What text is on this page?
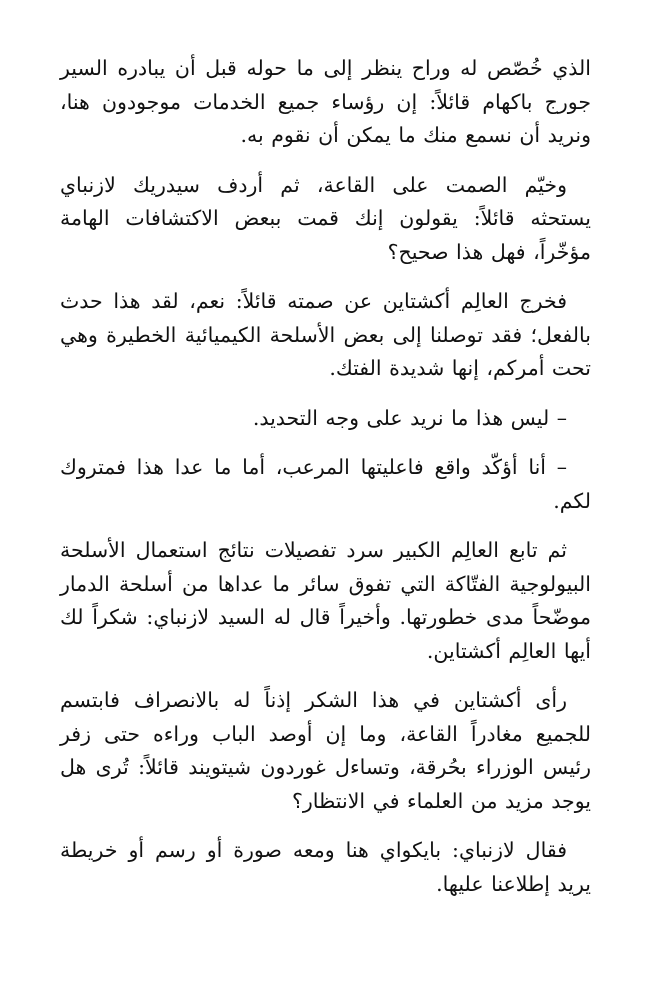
الذي خُصّص له وراح ينظر إلى ما حوله قبل أن يبادره السير جورج باكهام قائلاً: إن رؤساء جميع الخدمات موجودون هنا، ونريد أن نسمع منك ما يمكن أن نقوم به.

وخيّم الصمت على القاعة، ثم أردف سيدريك لازنباي يستحثه قائلاً: يقولون إنك قمت ببعض الاكتشافات الهامة مؤخّراً، فهل هذا صحيح؟

فخرج العالِم أكشتاين عن صمته قائلاً: نعم، لقد هذا حدث بالفعل؛ فقد توصلنا إلى بعض الأسلحة الكيميائية الخطيرة وهي تحت أمركم، إنها شديدة الفتك.

– ليس هذا ما نريد على وجه التحديد.

– أنا أؤكّد واقع فاعليتها المرعب، أما ما عدا هذا فمتروك لكم.

ثم تابع العالِم الكبير سرد تفصيلات نتائج استعمال الأسلحة البيولوجية الفتّاكة التي تفوق سائر ما عداها من أسلحة الدمار موضّحاً مدى خطورتها. وأخيراً قال له السيد لازنباي: شكراً لك أيها العالِم أكشتاين.

رأى أكشتاين في هذا الشكر إذناً له بالانصراف فابتسم للجميع مغادراً القاعة، وما إن أوصد الباب وراءه حتى زفر رئيس الوزراء بحُرقة، وتساءل غوردون شيتويند قائلاً: تُرى هل يوجد مزيد من العلماء في الانتظار؟

فقال لازنباي: بايكواي هنا ومعه صورة أو رسم أو خريطة يريد إطلاعنا عليها.
